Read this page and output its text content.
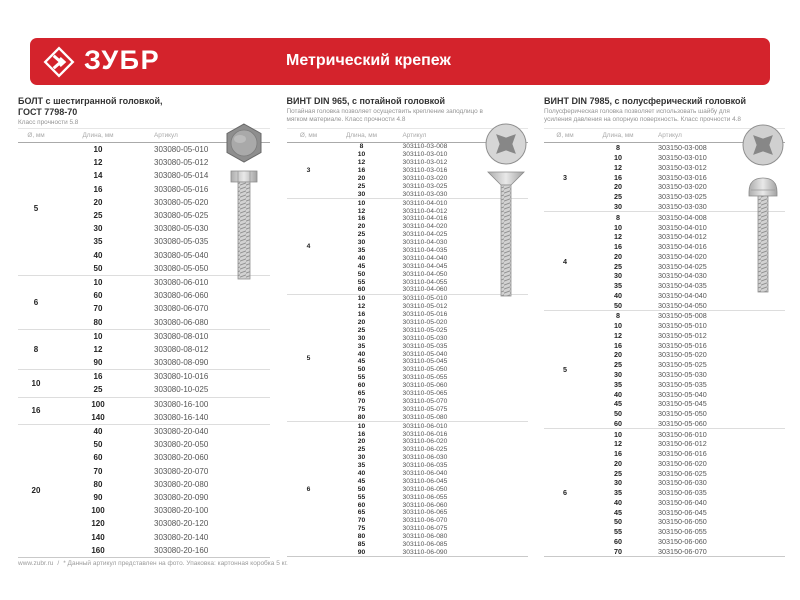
ЗУБР	Метрический крепеж
БОЛТ с шестигранной головкой,
ГОСТ 7798-70
Класс прочности 5.8
Ø, мм	Длина, мм	Артикул
5
10	303080-05-010
12	303080-05-012
14	303080-05-014
16	303080-05-016
20	303080-05-020
25	303080-05-025
30	303080-05-030
35	303080-05-035
40	303080-05-040
50	303080-05-050
6
10	303080-06-010
60	303080-06-060
70	303080-06-070
80	303080-06-080
8
10	303080-08-010
12	303080-08-012
90	303080-08-090
10
16	303080-10-016
25	303080-10-025
16
100	303080-16-100
140	303080-16-140
20
40	303080-20-040
50	303080-20-050
60	303080-20-060
70	303080-20-070
80	303080-20-080
90	303080-20-090
100	303080-20-100
120	303080-20-120
140	303080-20-140
160	303080-20-160
ВИНТ DIN 965, с потайной головкой
Потайная головка позволяет осуществить крепление заподлицо в мягком материале. Класс прочности 4.8
Ø, мм	Длина, мм	Артикул
3
8	303110-03-008
10	303110-03-010
12	303110-03-012
16	303110-03-016
20	303110-03-020
25	303110-03-025
30	303110-03-030
4
10	303110-04-010
12	303110-04-012
16	303110-04-016
20	303110-04-020
25	303110-04-025
30	303110-04-030
35	303110-04-035
40	303110-04-040
45	303110-04-045
50	303110-04-050
55	303110-04-055
60	303110-04-060
5
10	303110-05-010
12	303110-05-012
16	303110-05-016
20	303110-05-020
25	303110-05-025
30	303110-05-030
35	303110-05-035
40	303110-05-040
45	303110-05-045
50	303110-05-050
55	303110-05-055
60	303110-05-060
65	303110-05-065
70	303110-05-070
75	303110-05-075
80	303110-05-080
6
10	303110-06-010
16	303110-06-016
20	303110-06-020
25	303110-06-025
30	303110-06-030
35	303110-06-035
40	303110-06-040
45	303110-06-045
50	303110-06-050
55	303110-06-055
60	303110-06-060
65	303110-06-065
70	303110-06-070
75	303110-06-075
80	303110-06-080
85	303110-06-085
90	303110-06-090
ВИНТ DIN 7985, с полусферический головкой
Полусферическая головка позволяет использовать шайбу для усиления давления на опорную поверхность. Класс прочности 4.8
Ø, мм	Длина, мм	Артикул
3
8	303150-03-008
10	303150-03-010
12	303150-03-012
16	303150-03-016
20	303150-03-020
25	303150-03-025
30	303150-03-030
4
8	303150-04-008
10	303150-04-010
12	303150-04-012
16	303150-04-016
20	303150-04-020
25	303150-04-025
30	303150-04-030
35	303150-04-035
40	303150-04-040
50	303150-04-050
5
8	303150-05-008
10	303150-05-010
12	303150-05-012
16	303150-05-016
20	303150-05-020
25	303150-05-025
30	303150-05-030
35	303150-05-035
40	303150-05-040
45	303150-05-045
50	303150-05-050
60	303150-05-060
6
10	303150-06-010
12	303150-06-012
16	303150-06-016
20	303150-06-020
25	303150-06-025
30	303150-06-030
35	303150-06-035
40	303150-06-040
45	303150-06-045
50	303150-06-050
55	303150-06-055
60	303150-06-060
70	303150-06-070
www.zubr.ru / * Данный артикул представлен на фото. Упаковка: картонная коробка 5 кг.
